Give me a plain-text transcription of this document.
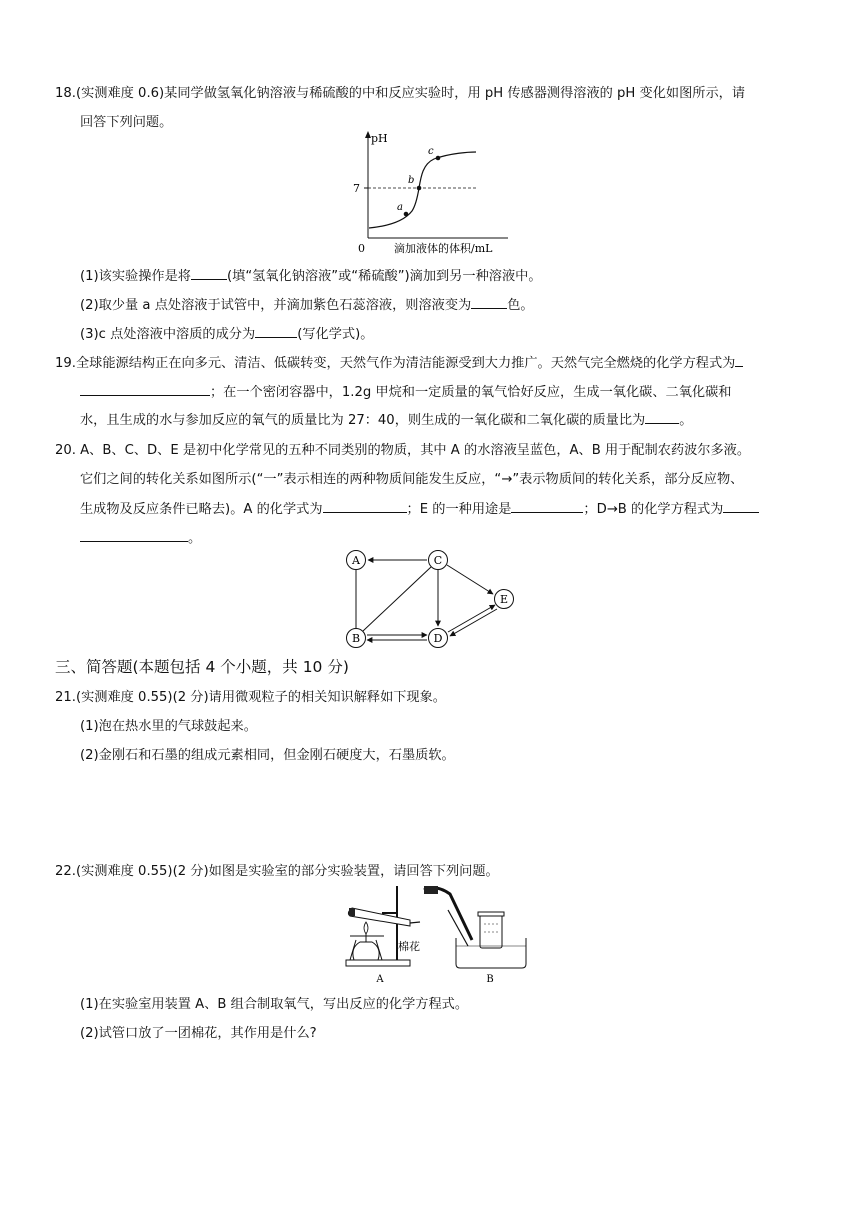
18.(实测难度 0.6)某同学做氢氧化钠溶液与稀硫酸的中和反应实验时，用 pH 传感器测得溶液的 pH 变化如图所示，请
回答下列问题。
pH
7
0	滴加液体的体积/mL
a
b
c
(1)该实验操作是将	(填“氢氧化钠溶液”或“稀硫酸”)滴加到另一种溶液中。
(2)取少量 a 点处溶液于试管中，并滴加紫色石蕊溶液，则溶液变为	色。
(3)c 点处溶液中溶质的成分为	(写化学式)。
19.全球能源结构正在向多元、清洁、低碳转变，天然气作为清洁能源受到大力推广。天然气完全燃烧的化学方程式为
；在一个密闭容器中，1.2g 甲烷和一定质量的氧气恰好反应，生成一氧化碳、二氧化碳和
水，且生成的水与参加反应的氧气的质量比为 27：40，则生成的一氧化碳和二氧化碳的质量比为	。
20. A、B、C、D、E 是初中化学常见的五种不同类别的物质，其中 A 的水溶液呈蓝色，A、B 用于配制农药波尔多液。
它们之间的转化关系如图所示(“一”表示相连的两种物质间能发生反应，“→”表示物质间的转化关系，部分反应物、
生成物及反应条件已略去)。A 的化学式为	；E 的一种用途是	；D→B 的化学方程式为
。
A	C
E
B	D
三、简答题(本题包括 4 个小题，共 10 分)
21.(实测难度 0.55)(2 分)请用微观粒子的相关知识解释如下现象。
(1)泡在热水里的气球鼓起来。
(2)金刚石和石墨的组成元素相同，但金刚石硬度大，石墨质软。
22.(实测难度 0.55)(2 分)如图是实验室的部分实验装置，请回答下列问题。
棉花
A	B
(1)在实验室用装置 A、B 组合制取氧气，写出反应的化学方程式。
(2)试管口放了一团棉花，其作用是什么?
